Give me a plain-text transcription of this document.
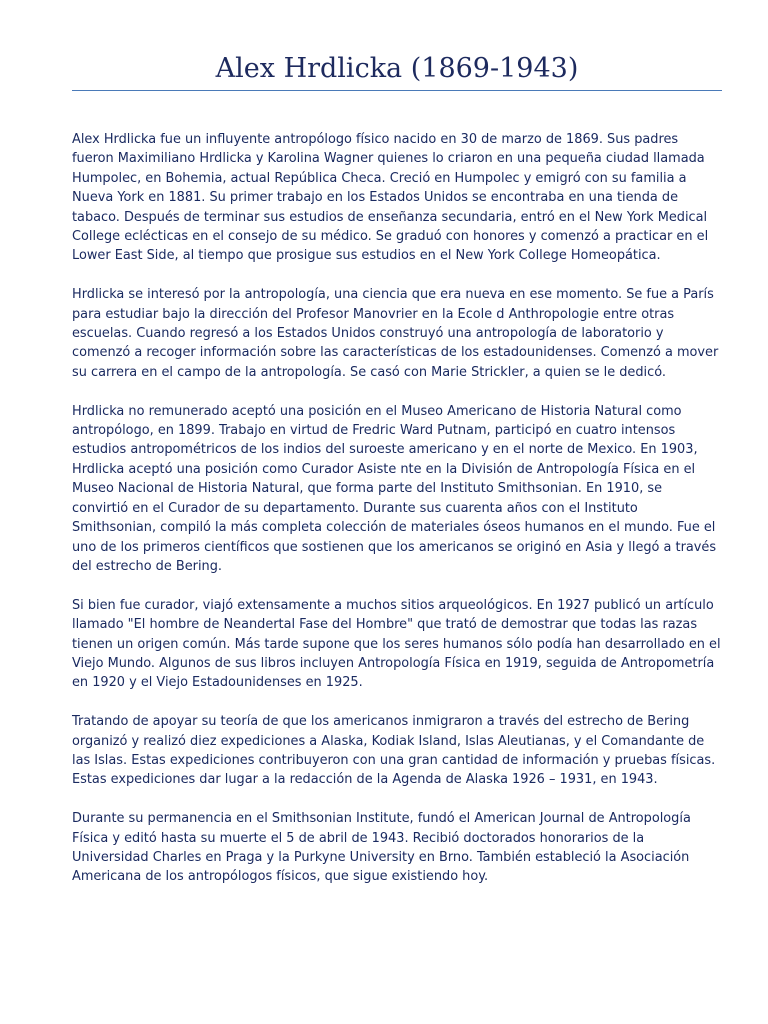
Alex Hrdlicka (1869-1943)

Alex Hrdlicka fue un influyente antropólogo físico nacido en 30 de marzo de 1869. Sus padres fueron Maximiliano Hrdlicka y Karolina Wagner quienes lo criaron en una pequeña ciudad llamada Humpolec, en Bohemia, actual República Checa. Creció en Humpolec y emigró con su familia a Nueva York en 1881. Su primer trabajo en los Estados Unidos se encontraba en una tienda de tabaco. Después de terminar sus estudios de enseñanza secundaria, entró en el New York Medical College eclécticas en el consejo de su médico. Se graduó con honores y comenzó a practicar en el Lower East Side, al tiempo que prosigue sus estudios en el New York College Homeopática.

Hrdlicka se interesó por la antropología, una ciencia que era nueva en ese momento. Se fue a París para estudiar bajo la dirección del Profesor Manovrier en la Ecole d Anthropologie entre otras escuelas. Cuando regresó a los Estados Unidos construyó una antropología de laboratorio y comenzó a recoger información sobre las características de los estadounidenses. Comenzó a mover su carrera en el campo de la antropología. Se casó con Marie Strickler, a quien se le dedicó.

Hrdlicka no remunerado aceptó una posición en el Museo Americano de Historia Natural como antropólogo, en 1899. Trabajo en virtud de Fredric Ward Putnam, participó en cuatro intensos estudios antropométricos de los indios del suroeste americano y en el norte de Mexico. En 1903, Hrdlicka aceptó una posición como Curador Asiste nte en la División de Antropología Física en el Museo Nacional de Historia Natural, que forma parte del Instituto Smithsonian. En 1910, se convirtió en el Curador de su departamento. Durante sus cuarenta años con el Instituto Smithsonian, compiló la más completa colección de materiales óseos humanos en el mundo. Fue el uno de los primeros científicos que sostienen que los americanos se originó en Asia y llegó a través del estrecho de Bering.

Si bien fue curador, viajó extensamente a muchos sitios arqueológicos. En 1927 publicó un artículo llamado "El hombre de Neandertal Fase del Hombre" que trató de demostrar que todas las razas tienen un origen común. Más tarde supone que los seres humanos sólo podía han desarrollado en el Viejo Mundo. Algunos de sus libros incluyen Antropología Física en 1919, seguida de Antropometría en 1920 y el Viejo Estadounidenses en 1925.

Tratando de apoyar su teoría de que los americanos inmigraron a través del estrecho de Bering organizó y realizó diez expediciones a Alaska, Kodiak Island, Islas Aleutianas, y el Comandante de las Islas. Estas expediciones contribuyeron con una gran cantidad de información y pruebas físicas. Estas expediciones dar lugar a la redacción de la Agenda de Alaska 1926 – 1931, en 1943.

Durante su permanencia en el Smithsonian Institute, fundó el American Journal de Antropología Física y editó hasta su muerte el 5 de abril de 1943. Recibió doctorados honorarios de la Universidad Charles en Praga y la Purkyne University en Brno. También estableció la Asociación Americana de los antropólogos físicos, que sigue existiendo hoy.
